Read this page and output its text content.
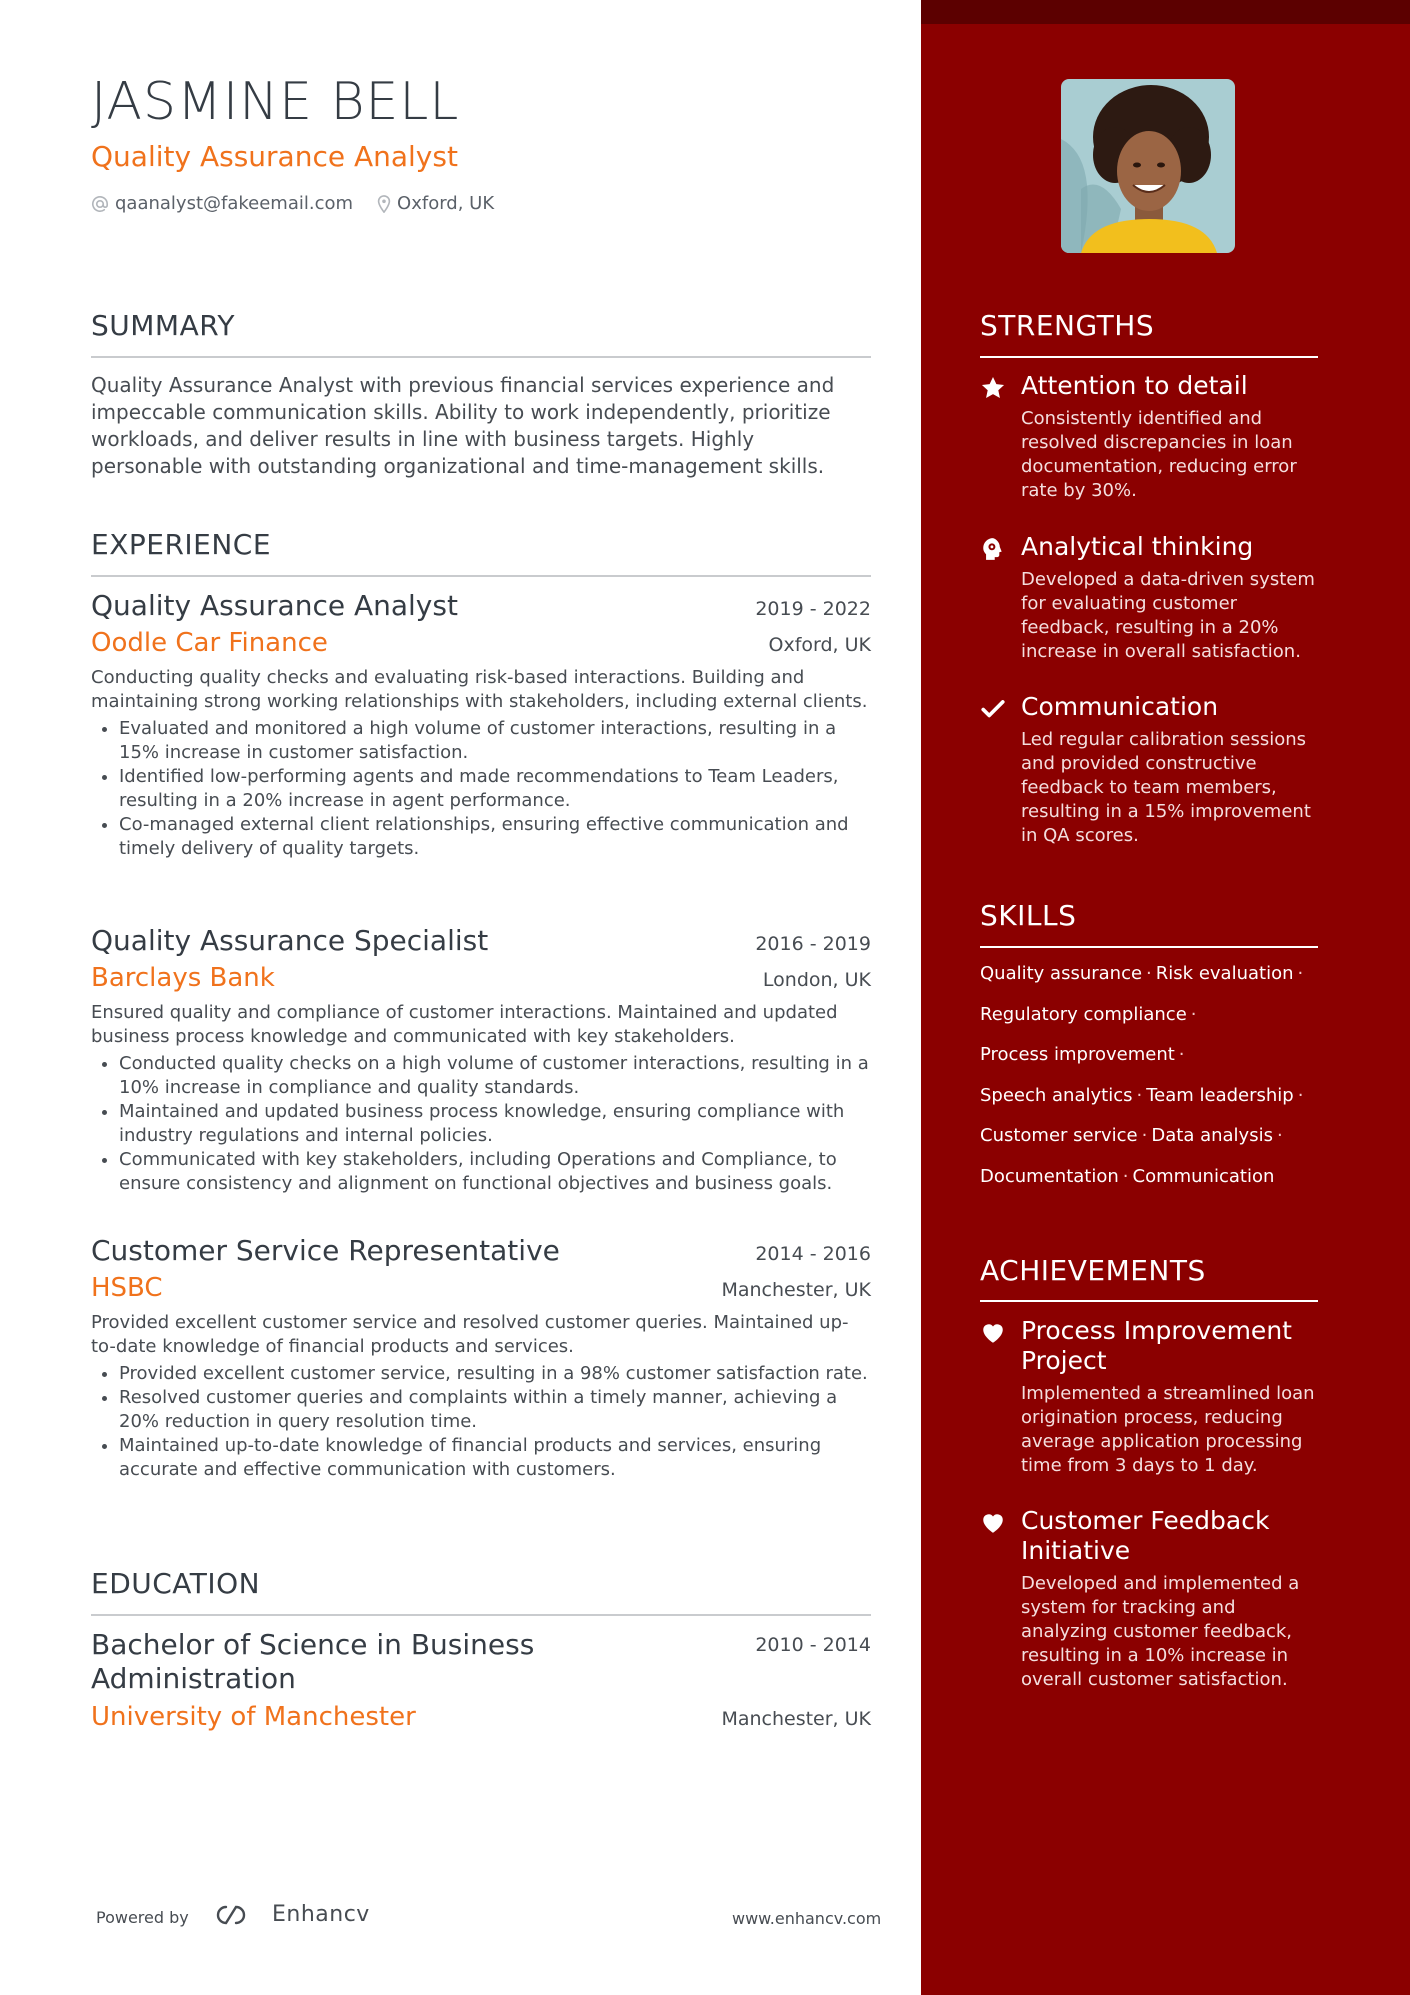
JASMINE BELL
Quality Assurance Analyst
qaanalyst@fakeemail.com Oxford, UK
SUMMARY

Quality Assurance Analyst with previous financial services experience and impeccable communication skills. Ability to work independently, prioritize workloads, and deliver results in line with business targets. Highly personable with outstanding organizational and time-management skills.

EXPERIENCE
Quality Assurance Analyst	2019 - 2022
Oodle Car Finance	Oxford, UK

Conducting quality checks and evaluating risk-based interactions. Building and maintaining strong working relationships with stakeholders, including external clients.

• Evaluated and monitored a high volume of customer interactions, resulting in a 15% increase in customer satisfaction.
• Identified low-performing agents and made recommendations to Team Leaders, resulting in a 20% increase in agent performance.
• Co-managed external client relationships, ensuring effective communication and timely delivery of quality targets.
Quality Assurance Specialist	2016 - 2019
Barclays Bank	London, UK

Ensured quality and compliance of customer interactions. Maintained and updated business process knowledge and communicated with key stakeholders.

• Conducted quality checks on a high volume of customer interactions, resulting in a 10% increase in compliance and quality standards.
• Maintained and updated business process knowledge, ensuring compliance with industry regulations and internal policies.
• Communicated with key stakeholders, including Operations and Compliance, to ensure consistency and alignment on functional objectives and business goals.
Customer Service Representative	2014 - 2016
HSBC	Manchester, UK

Provided excellent customer service and resolved customer queries. Maintained up-to-date knowledge of financial products and services.

• Provided excellent customer service, resulting in a 98% customer satisfaction rate.
• Resolved customer queries and complaints within a timely manner, achieving a 20% reduction in query resolution time.
• Maintained up-to-date knowledge of financial products and services, ensuring accurate and effective communication with customers.
EDUCATION
Bachelor of Science in Business Administration
2010 - 2014
University of Manchester	Manchester, UK
Powered by	Enhancv	www.enhancv.com
STRENGTHS

Attention to detail

Consistently identified and resolved discrepancies in loan documentation, reducing error rate by 30%.

Analytical thinking

Developed a data-driven system for evaluating customer feedback, resulting in a 20% increase in overall satisfaction.

Communication

Led regular calibration sessions and provided constructive feedback to team members, resulting in a 15% improvement in QA scores.

SKILLS
Quality assurance · Risk evaluation ·
Regulatory compliance ·
Process improvement ·
Speech analytics · Team leadership ·
Customer service · Data analysis ·
Documentation · Communication
ACHIEVEMENTS

Process Improvement Project

Implemented a streamlined loan origination process, reducing average application processing time from 3 days to 1 day.

Customer Feedback Initiative

Developed and implemented a system for tracking and analyzing customer feedback, resulting in a 10% increase in overall customer satisfaction.
